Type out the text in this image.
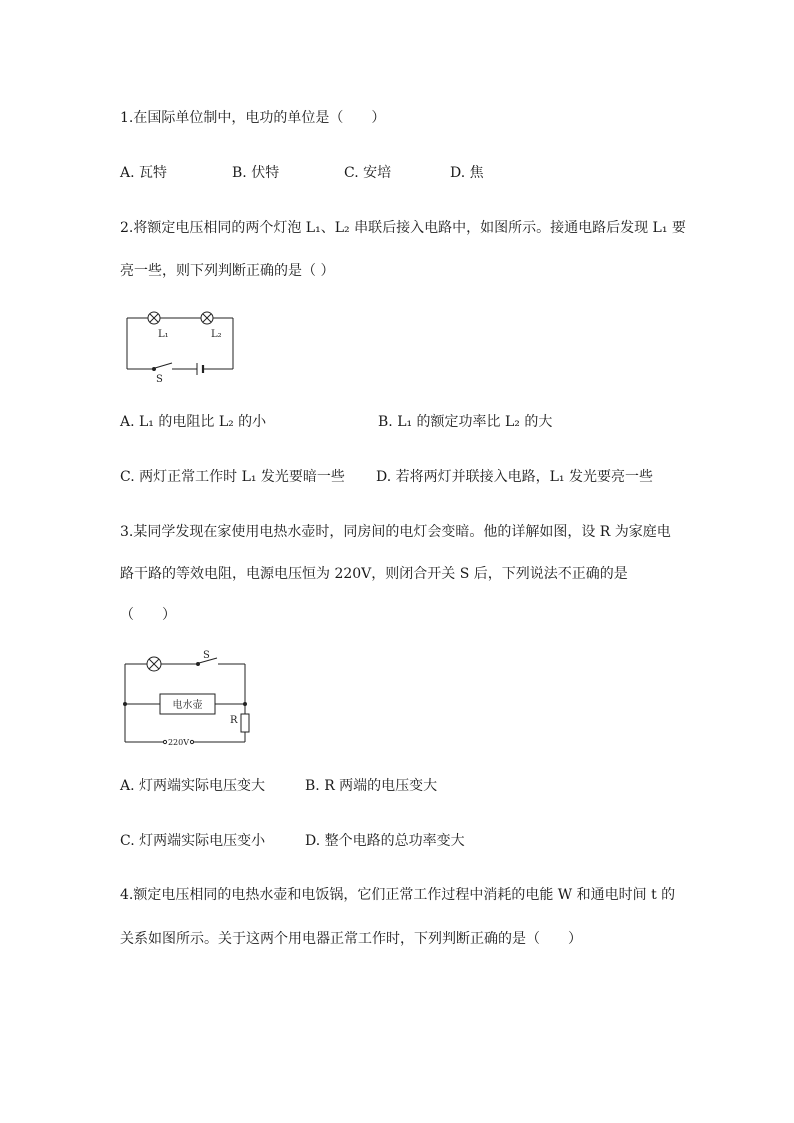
1.在国际单位制中，电功的单位是（　　）
A. 瓦特	B. 伏特	C. 安培	D. 焦
2.将额定电压相同的两个灯泡 L₁、L₂ 串联后接入电路中，如图所示。接通电路后发现 L₁ 要
亮一些，则下列判断正确的是（ ）
L₁	L₂
S
A. L₁ 的电阻比 L₂ 的小	B. L₁ 的额定功率比 L₂ 的大
C. 两灯正常工作时 L₁ 发光要暗一些 D. 若将两灯并联接入电路，L₁ 发光要亮一些
3.某同学发现在家使用电热水壶时，同房间的电灯会变暗。他的详解如图，设 R 为家庭电
路干路的等效电阻，电源电压恒为 220V，则闭合开关 S 后，下列说法不正确的是
（　　）
电水壶
R
S
220V
A. 灯两端实际电压变大	B. R 两端的电压变大
C. 灯两端实际电压变小	D. 整个电路的总功率变大
4.额定电压相同的电热水壶和电饭锅，它们正常工作过程中消耗的电能 W 和通电时间 t 的
关系如图所示。关于这两个用电器正常工作时，下列判断正确的是（　　）
